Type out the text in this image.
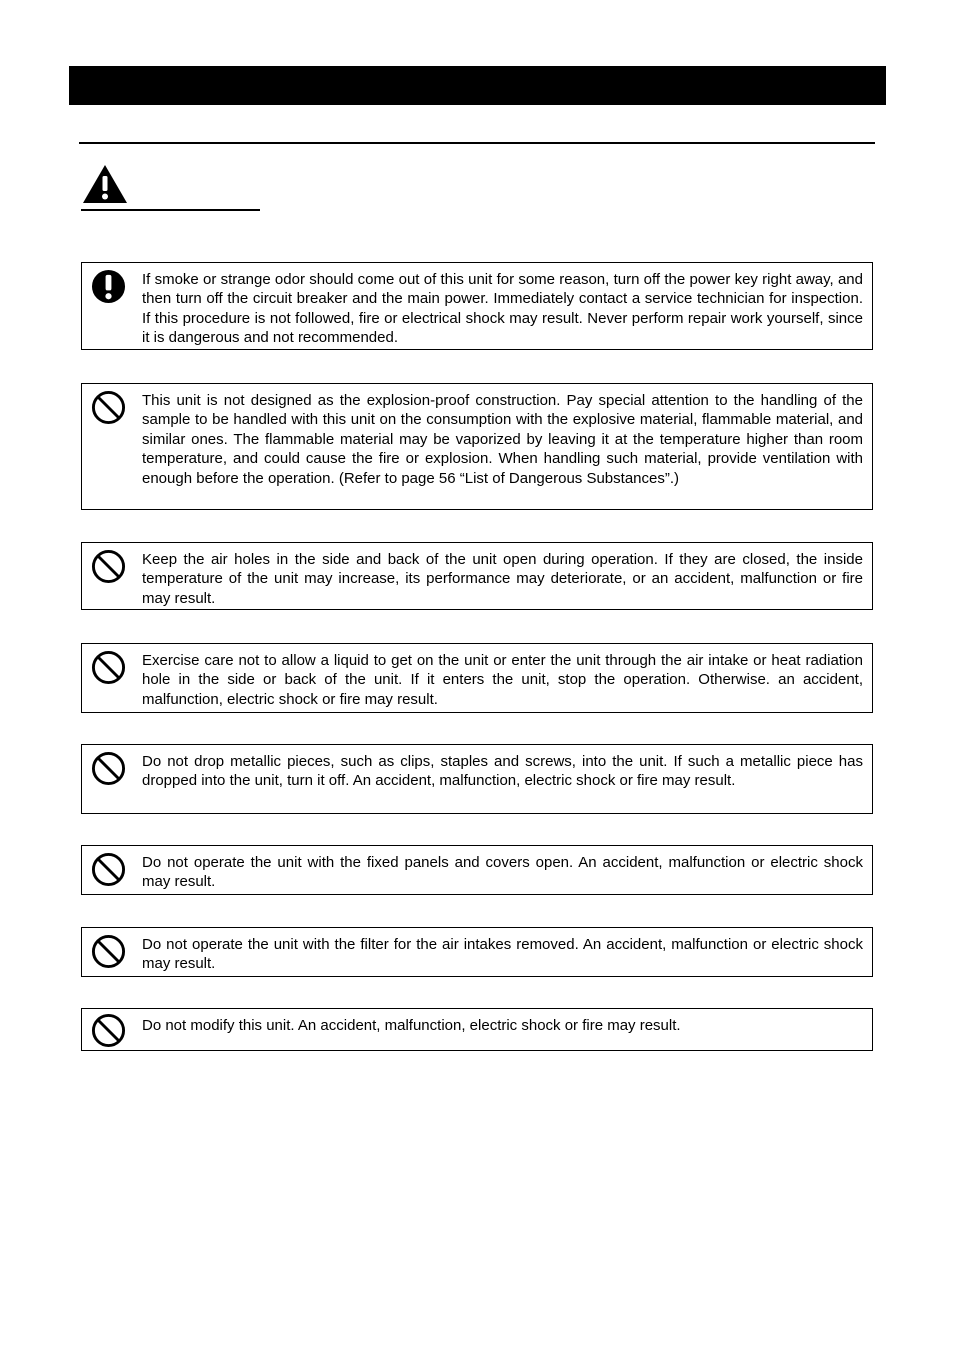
If smoke or strange odor should come out of this unit for some reason, turn off the power key right away, and then turn off the circuit breaker and the main power. Immediately contact a service technician for inspection. If this procedure is not followed, fire or electrical shock may result. Never perform repair work yourself, since it is dangerous and not recommended.

This unit is not designed as the explosion-proof construction. Pay special attention to the handling of the sample to be handled with this unit on the consumption with the explosive material, flammable material, and similar ones. The flammable material may be vaporized by leaving it at the temperature higher than room temperature, and could cause the fire or explosion. When handling such material, provide ventilation with enough before the operation. (Refer to page 56 “List of Dangerous Substances”.)

Keep the air holes in the side and back of the unit open during operation. If they are closed, the inside temperature of the unit may increase, its performance may deteriorate, or an accident, malfunction or fire may result.

Exercise care not to allow a liquid to get on the unit or enter the unit through the air intake or heat radiation hole in the side or back of the unit. If it enters the unit, stop the operation. Otherwise. an accident, malfunction, electric shock or fire may result.

Do not drop metallic pieces, such as clips, staples and screws, into the unit. If such a metallic piece has dropped into the unit, turn it off. An accident, malfunction, electric shock or fire may result.

Do not operate the unit with the fixed panels and covers open. An accident, malfunction or electric shock may result.

Do not operate the unit with the filter for the air intakes removed. An accident, malfunction or electric shock may result.

Do not modify this unit. An accident, malfunction, electric shock or fire may result.
